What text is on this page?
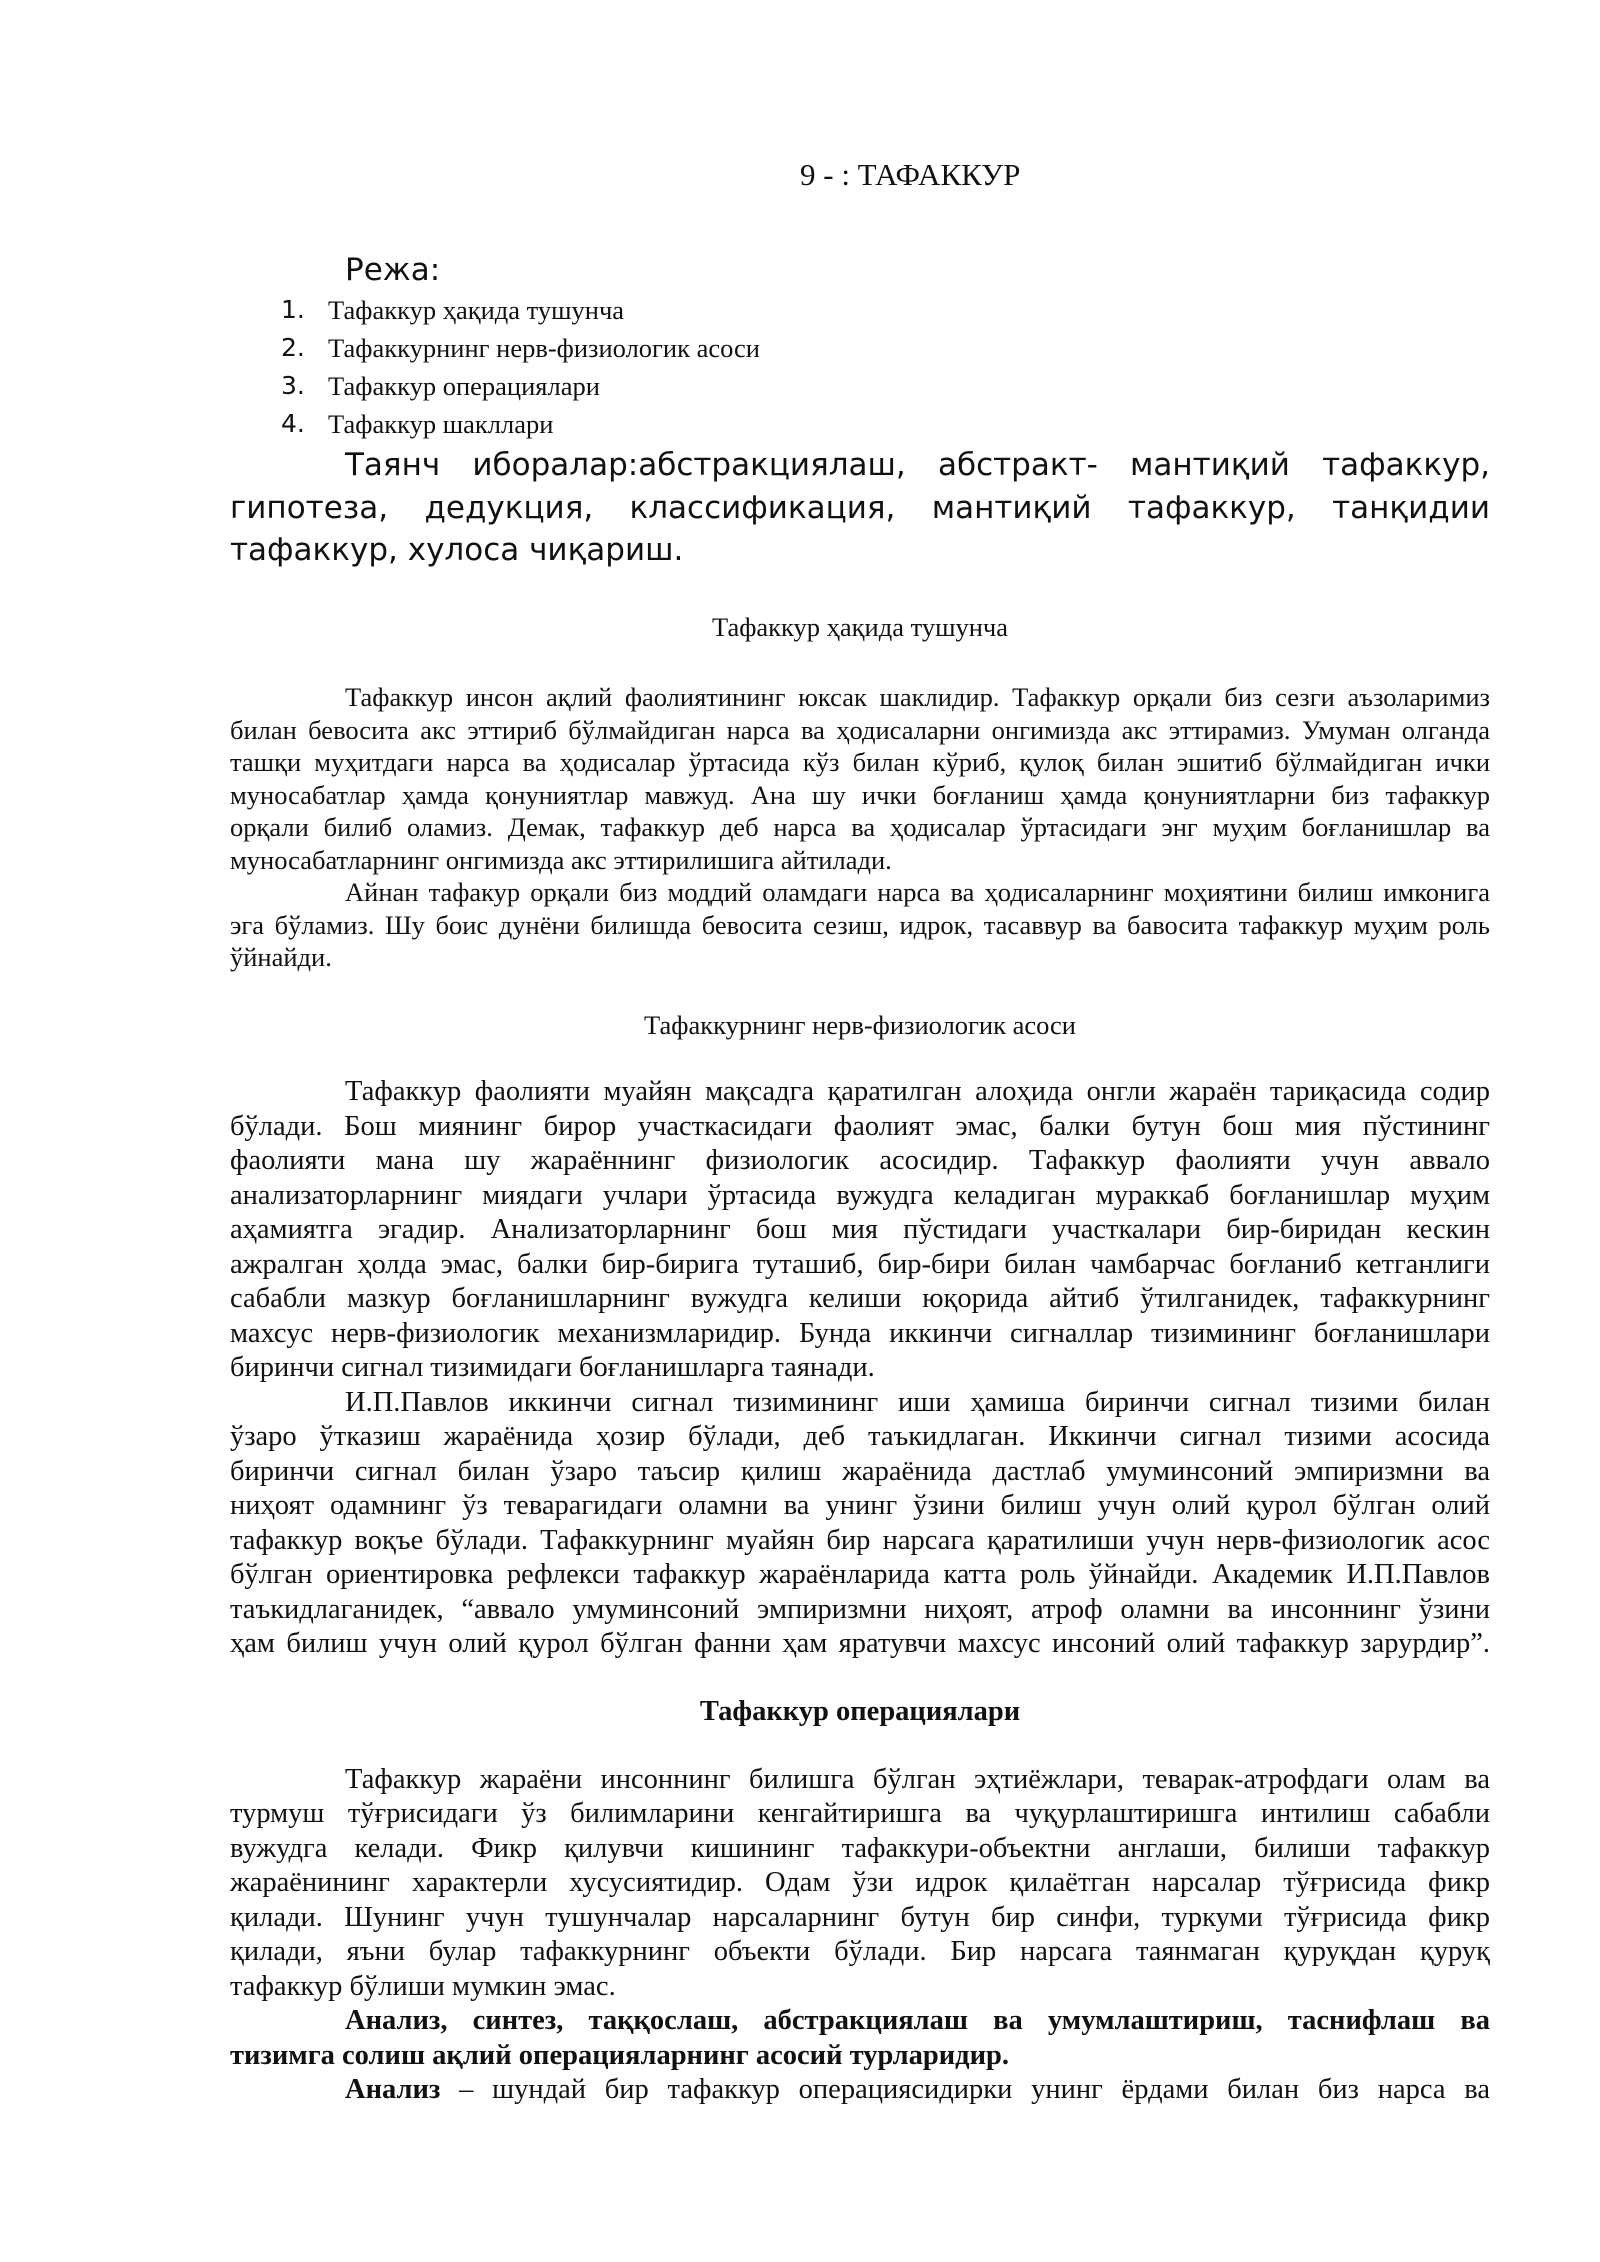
9 - : ТАФАККУР
Режа:
1. Тафаккур ҳақида тушунча
2. Тафаккурнинг нерв-физиологик асоси
3. Тафаккур операциялари
4. Тафаккур шакллари
Таянч иборалар:абстракциялаш, абстракт- мантиқий тафаккур,
гипотеза, дедукция, классификация, мантиқий тафаккур, танқидии
тафаккур, хулоса чиқариш.
Тафаккур ҳақида тушунча
Тафаккур инсон ақлий фаолиятининг юксак шаклидир. Тафаккур орқали биз сезги аъзоларимиз
билан бевосита акс эттириб бўлмайдиган нарса ва ҳодисаларни онгимизда акс эттирамиз. Умуман олганда
ташқи муҳитдаги нарса ва ҳодисалар ўртасида кўз билан кўриб, қулоқ билан эшитиб бўлмайдиган ички
муносабатлар ҳамда қонуниятлар мавжуд. Ана шу ички боғланиш ҳамда қонуниятларни биз тафаккур
орқали билиб оламиз. Демак, тафаккур деб нарса ва ҳодисалар ўртасидаги энг муҳим боғланишлар ва
муносабатларнинг онгимизда акс эттирилишига айтилади.
Айнан тафакур орқали биз моддий оламдаги нарса ва ҳодисаларнинг моҳиятини билиш имконига
эга бўламиз. Шу боис дунёни билишда бевосита сезиш, идрок, тасаввур ва бавосита тафаккур муҳим роль
ўйнайди.
Тафаккурнинг нерв-физиологик асоси
Тафаккур фаолияти муайян мақсадга қаратилган алоҳида онгли жараён тариқасида содир
бўлади. Бош миянинг бирор участкасидаги фаолият эмас, балки бутун бош мия пўстининг
фаолияти мана шу жараённинг физиологик асосидир. Тафаккур фаолияти учун аввало
анализаторларнинг миядаги учлари ўртасида вужудга келадиган мураккаб боғланишлар муҳим
аҳамиятга эгадир. Анализаторларнинг бош мия пўстидаги участкалари бир-биридан кескин
ажралган ҳолда эмас, балки бир-бирига туташиб, бир-бири билан чамбарчас боғланиб кетганлиги
сабабли мазкур боғланишларнинг вужудга келиши юқорида айтиб ўтилганидек, тафаккурнинг
махсус нерв-физиологик механизмларидир. Бунда иккинчи сигналлар тизимининг боғланишлари
биринчи сигнал тизимидаги боғланишларга таянади.
И.П.Павлов иккинчи сигнал тизимининг иши ҳамиша биринчи сигнал тизими билан
ўзаро ўтказиш жараёнида ҳозир бўлади, деб таъкидлаган. Иккинчи сигнал тизими асосида
биринчи сигнал билан ўзаро таъсир қилиш жараёнида дастлаб умуминсоний эмпиризмни ва
ниҳоят одамнинг ўз теварагидаги оламни ва унинг ўзини билиш учун олий қурол бўлган олий
тафаккур воқъе бўлади. Тафаккурнинг муайян бир нарсага қаратилиши учун нерв-физиологик асос
бўлган ориентировка рефлекси тафаккур жараёнларида катта роль ўйнайди. Академик И.П.Павлов
таъкидлаганидек, “аввало умуминсоний эмпиризмни ниҳоят, атроф оламни ва инсоннинг ўзини
ҳам билиш учун олий қурол бўлган фанни ҳам яратувчи махсус инсоний олий тафаккур зарурдир”.
Тафаккур операциялари
Тафаккур жараёни инсоннинг билишга бўлган эҳтиёжлари, теварак-атрофдаги олам ва
турмуш тўғрисидаги ўз билимларини кенгайтиришга ва чуқурлаштиришга интилиш сабабли
вужудга келади. Фикр қилувчи кишининг тафаккури-объектни англаши, билиши тафаккур
жараёнининг характерли хусусиятидир. Одам ўзи идрок қилаётган нарсалар тўғрисида фикр
қилади. Шунинг учун тушунчалар нарсаларнинг бутун бир синфи, туркуми тўғрисида фикр
қилади, яъни булар тафаккурнинг объекти бўлади. Бир нарсага таянмаган қуруқдан қуруқ
тафаккур бўлиши мумкин эмас.
Анализ, синтез, таққослаш, абстракциялаш ва умумлаштириш, таснифлаш ва
тизимга солиш ақлий операцияларнинг асосий турларидир.
Анализ – шундай бир тафаккур операциясидирки унинг ёрдами билан биз нарса ва
